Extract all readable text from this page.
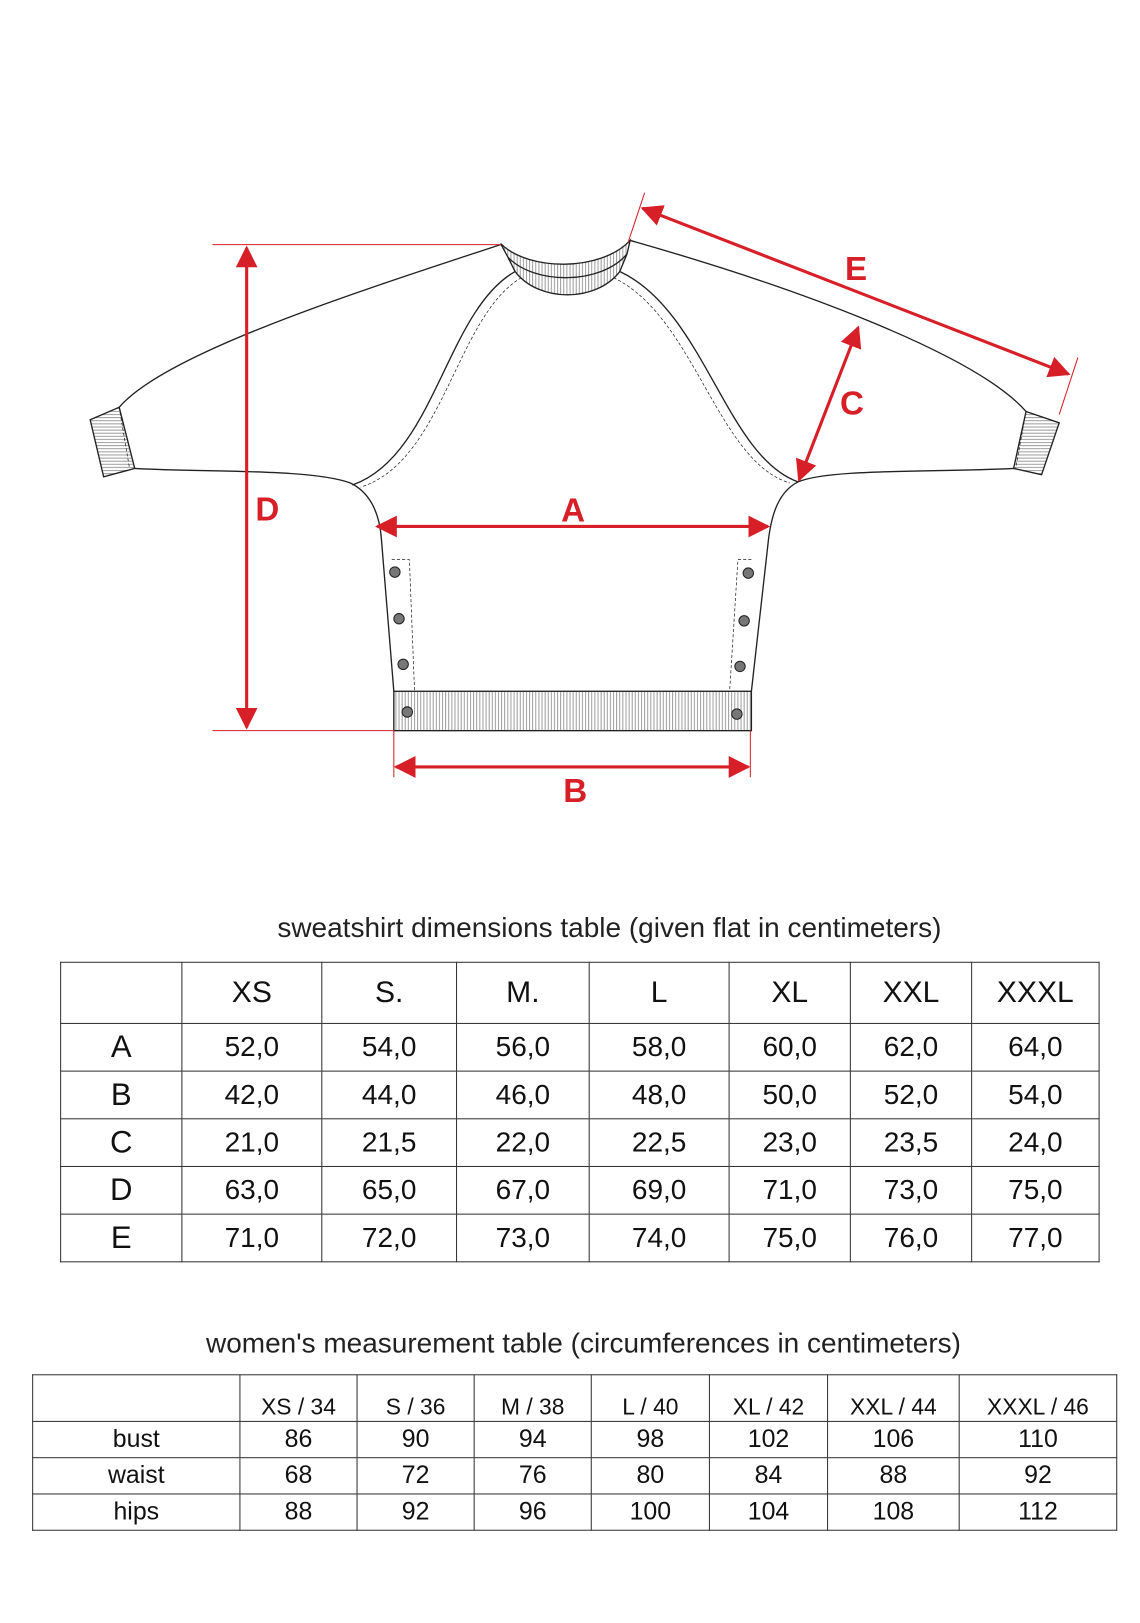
A
B
C
D
E
sweatshirt dimensions table (given flat in centimeters)
	XS	S.	M.	L	XL	XXL	XXXL
A	52,0	54,0	56,0	58,0	60,0	62,0	64,0
B	42,0	44,0	46,0	48,0	50,0	52,0	54,0
C	21,0	21,5	22,0	22,5	23,0	23,5	24,0
D	63,0	65,0	67,0	69,0	71,0	73,0	75,0
E	71,0	72,0	73,0	74,0	75,0	76,0	77,0
women's measurement table (circumferences in centimeters)
	XS / 34	S / 36	M / 38	L / 40	XL / 42	XXL / 44	XXXL / 46
bust	86	90	94	98	102	106	110
waist	68	72	76	80	84	88	92
hips	88	92	96	100	104	108	112
